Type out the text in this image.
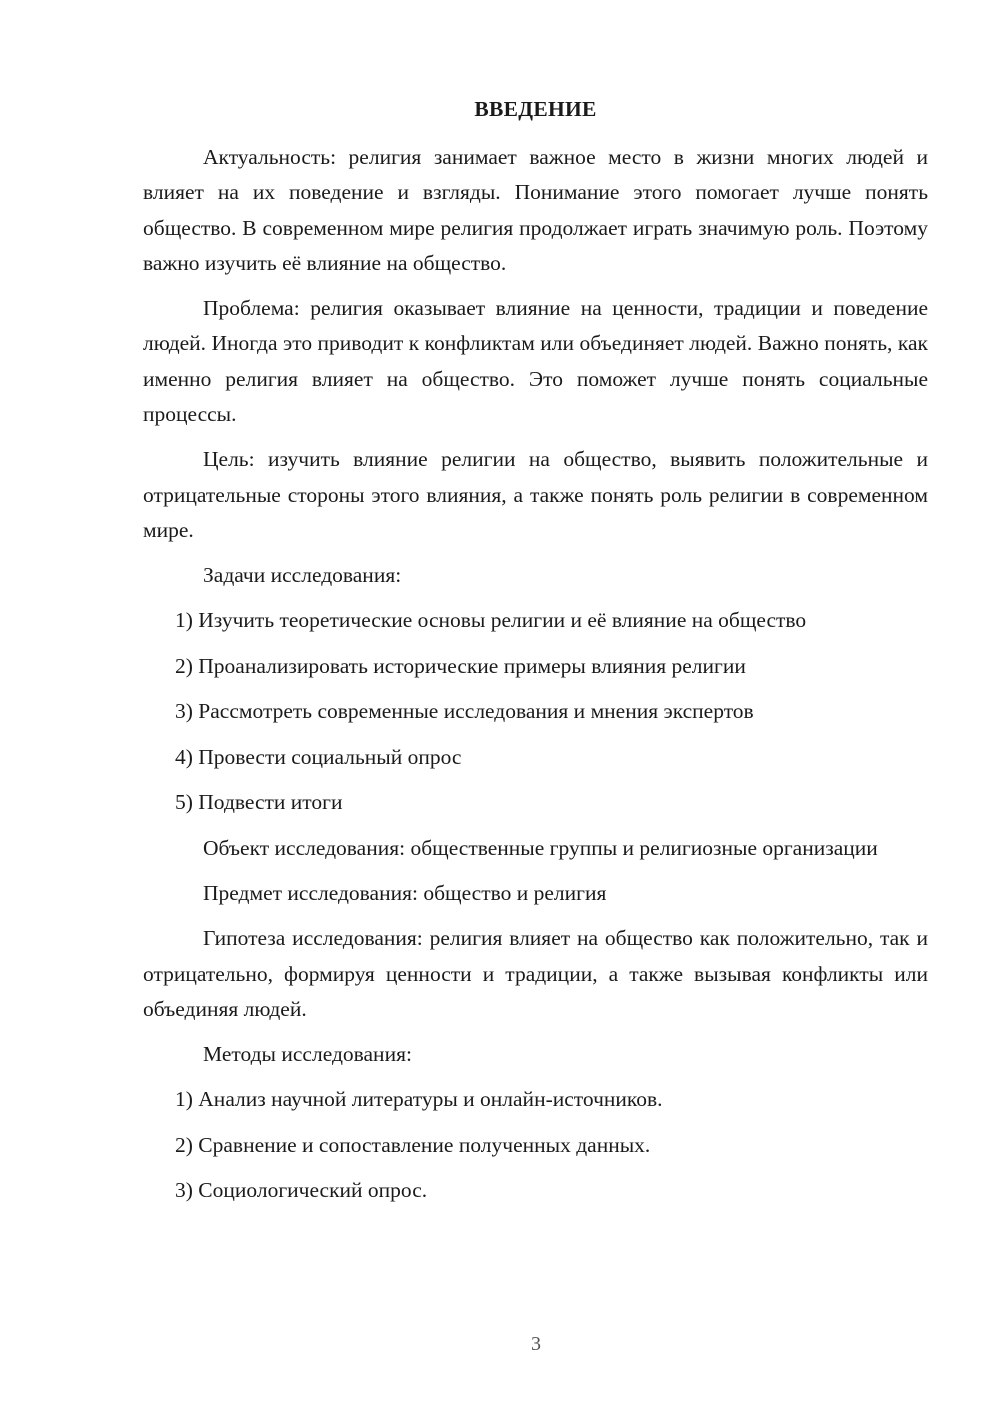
ВВЕДЕНИЕ

Актуальность: религия занимает важное место в жизни многих людей и влияет на их поведение и взгляды. Понимание этого помогает лучше понять общество. В современном мире религия продолжает играть значимую роль. Поэтому важно изучить её влияние на общество.

Проблема: религия оказывает влияние на ценности, традиции и поведение людей. Иногда это приводит к конфликтам или объединяет людей. Важно понять, как именно религия влияет на общество. Это поможет лучше понять социальные процессы.

Цель: изучить влияние религии на общество, выявить положительные и отрицательные стороны этого влияния, а также понять роль религии в современном мире.

Задачи исследования:

1) Изучить теоретические основы религии и её влияние на общество
2) Проанализировать исторические примеры влияния религии
3) Рассмотреть современные исследования и мнения экспертов
4) Провести социальный опрос
5) Подвести итоги

Объект исследования: общественные группы и религиозные организации

Предмет исследования: общество и религия

Гипотеза исследования: религия влияет на общество как положительно, так и отрицательно, формируя ценности и традиции, а также вызывая конфликты или объединяя людей.

Методы исследования:

1) Анализ научной литературы и онлайн-источников.
2) Сравнение и сопоставление полученных данных.
3) Социологический опрос.
3
